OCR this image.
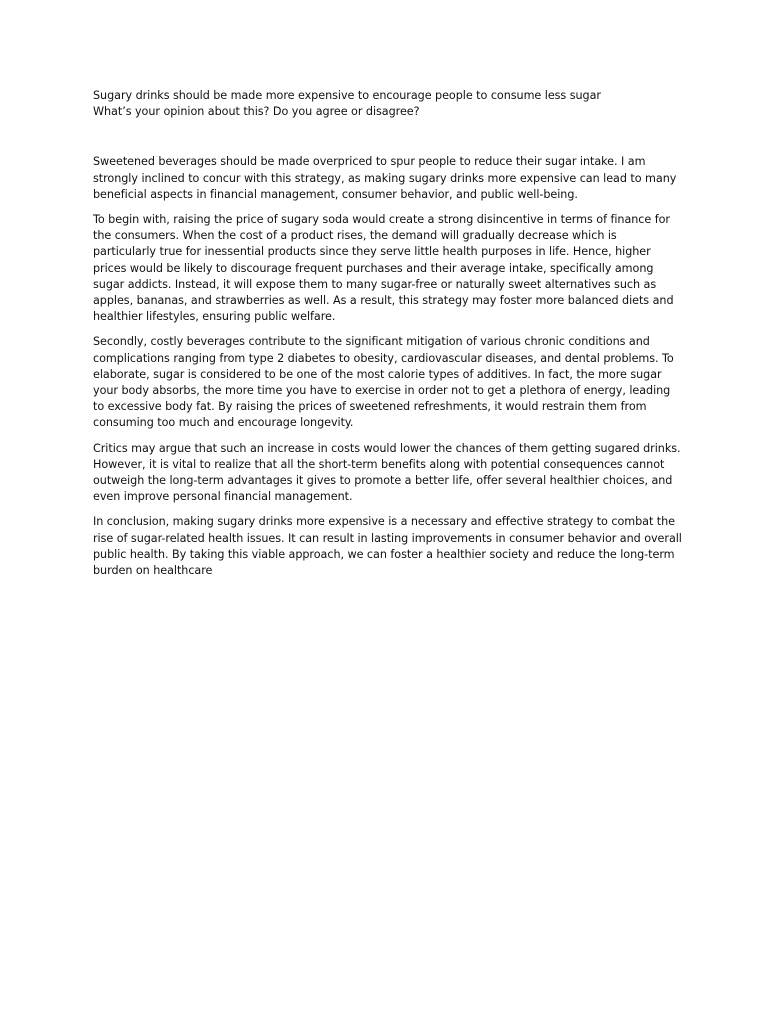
Sugary drinks should be made more expensive to encourage people to consume less sugar

What’s your opinion about this? Do you agree or disagree?

Sweetened beverages should be made overpriced to spur people to reduce their sugar intake. I am strongly inclined to concur with this strategy, as making sugary drinks more expensive can lead to many beneficial aspects in financial management, consumer behavior, and public well-being.

To begin with, raising the price of sugary soda would create a strong disincentive in terms of finance for the consumers. When the cost of a product rises, the demand will gradually decrease which is particularly true for inessential products since they serve little health purposes in life. Hence, higher prices would be likely to discourage frequent purchases and their average intake, specifically among sugar addicts. Instead, it will expose them to many sugar-free or naturally sweet alternatives such as apples, bananas, and strawberries as well. As a result, this strategy may foster more balanced diets and healthier lifestyles, ensuring public welfare.

Secondly, costly beverages contribute to the significant mitigation of various chronic conditions and complications ranging from type 2 diabetes to obesity, cardiovascular diseases, and dental problems. To elaborate, sugar is considered to be one of the most calorie types of additives. In fact, the more sugar your body absorbs, the more time you have to exercise in order not to get a plethora of energy, leading to excessive body fat. By raising the prices of sweetened refreshments, it would restrain them from consuming too much and encourage longevity.

Critics may argue that such an increase in costs would lower the chances of them getting sugared drinks. However, it is vital to realize that all the short-term benefits along with potential consequences cannot outweigh the long-term advantages it gives to promote a better life, offer several healthier choices, and even improve personal financial management.

In conclusion, making sugary drinks more expensive is a necessary and effective strategy to combat the rise of sugar-related health issues. It can result in lasting improvements in consumer behavior and overall public health. By taking this viable approach, we can foster a healthier society and reduce the long-term burden on healthcare
